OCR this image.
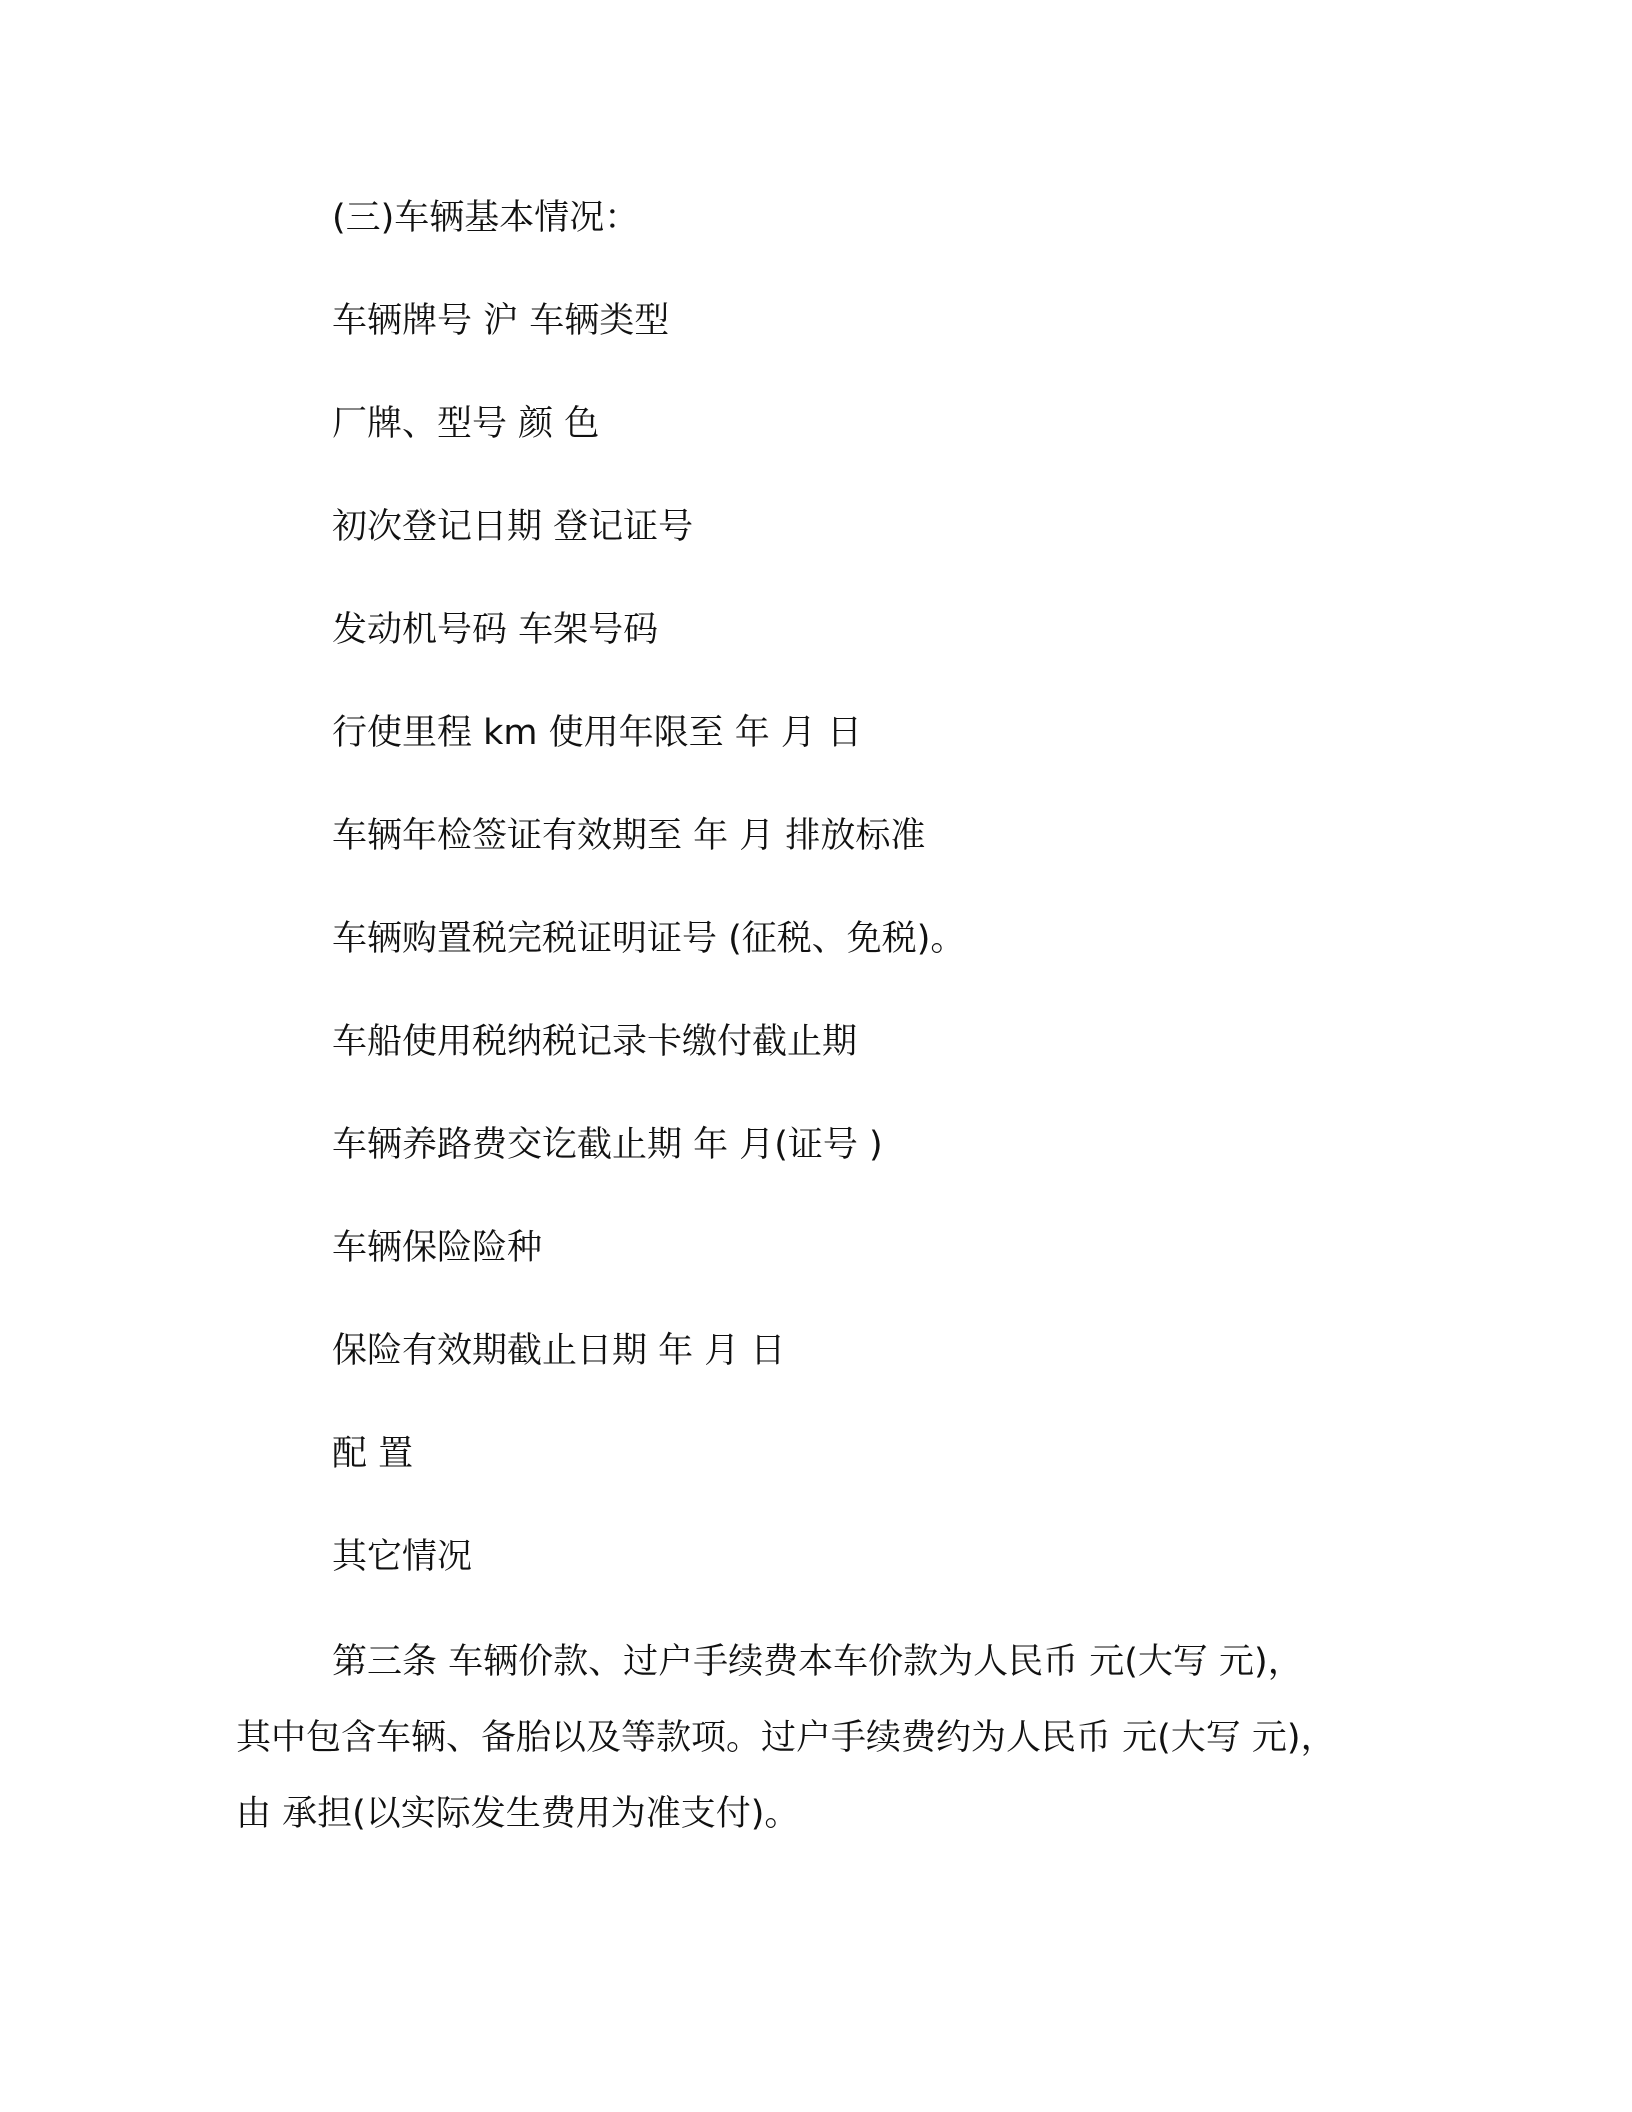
(三)车辆基本情况：
车辆牌号 沪 车辆类型
厂牌、型号 颜 色
初次登记日期 登记证号
发动机号码 车架号码
行使里程 km 使用年限至 年 月 日
车辆年检签证有效期至 年 月 排放标准
车辆购置税完税证明证号 (征税、免税)。
车船使用税纳税记录卡缴付截止期
车辆养路费交讫截止期 年 月(证号 )
车辆保险险种
保险有效期截止日期 年 月 日
配 置
其它情况
第三条 车辆价款、过户手续费本车价款为人民币 元(大写 元)，
其中包含车辆、备胎以及等款项。过户手续费约为人民币 元(大写 元)，
由 承担(以实际发生费用为准支付)。
